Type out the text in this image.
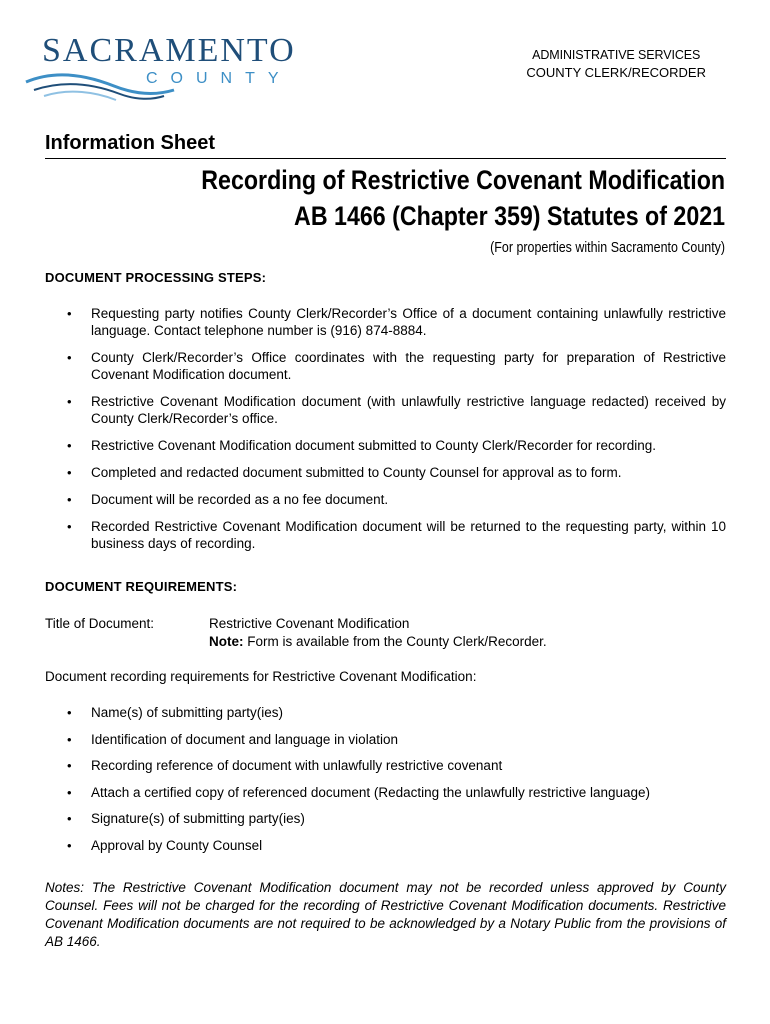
SACRAMENTO
COUNTY
ADMINISTRATIVE SERVICES
COUNTY CLERK/RECORDER
Information Sheet
Recording of Restrictive Covenant Modification
AB 1466 (Chapter 359) Statutes of 2021
(For properties within Sacramento County)
DOCUMENT PROCESSING STEPS:
• Requesting party notifies County Clerk/Recorder’s Office of a document containing unlawfully restrictive language. Contact telephone number is (916) 874-8884.
• County Clerk/Recorder’s Office coordinates with the requesting party for preparation of Restrictive Covenant Modification document.
• Restrictive Covenant Modification document (with unlawfully restrictive language redacted) received by County Clerk/Recorder’s office.
• Restrictive Covenant Modification document submitted to County Clerk/Recorder for recording.
• Completed and redacted document submitted to County Counsel for approval as to form.
• Document will be recorded as a no fee document.
• Recorded Restrictive Covenant Modification document will be returned to the requesting party, within 10 business days of recording.
DOCUMENT REQUIREMENTS:
Title of Document:	Restrictive Covenant Modification
Note: Form is available from the County Clerk/Recorder.
Document recording requirements for Restrictive Covenant Modification:
• Name(s) of submitting party(ies)
• Identification of document and language in violation
• Recording reference of document with unlawfully restrictive covenant
• Attach a certified copy of referenced document (Redacting the unlawfully restrictive language)
• Signature(s) of submitting party(ies)
• Approval by County Counsel
Notes: The Restrictive Covenant Modification document may not be recorded unless approved by County Counsel. Fees will not be charged for the recording of Restrictive Covenant Modification documents. Restrictive Covenant Modification documents are not required to be acknowledged by a Notary Public from the provisions of AB 1466.
